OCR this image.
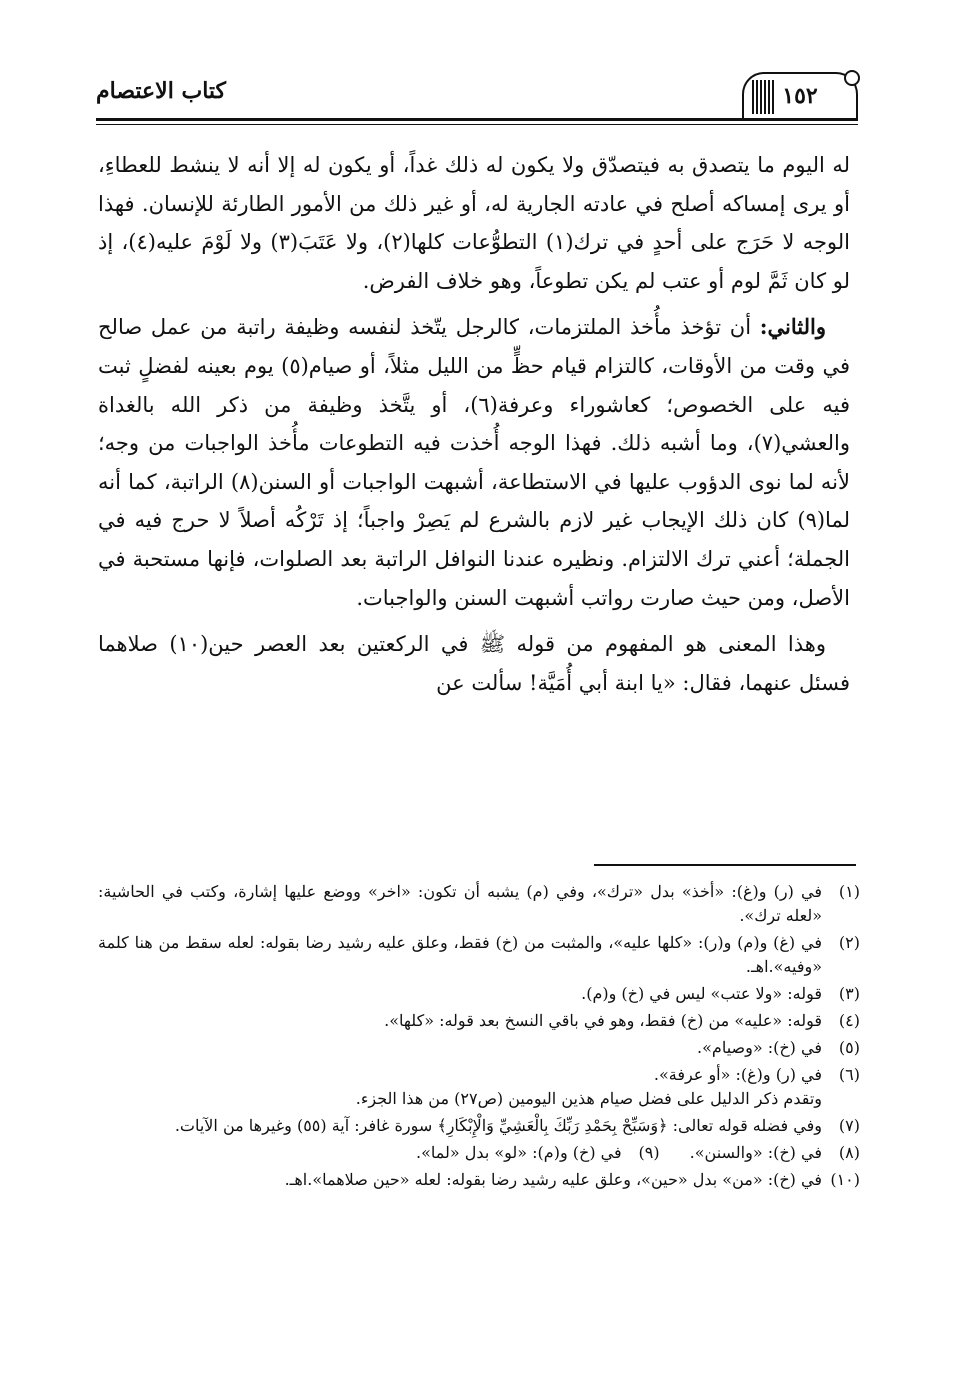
كتاب الاعتصام	١٥٢

له اليوم ما يتصدق به فيتصدّق ولا يكون له ذلك غداً، أو يكون له إلا أنه لا ينشط للعطاءِ، أو يرى إمساكه أصلح في عادته الجارية له، أو غير ذلك من الأمور الطارئة للإنسان. فهذا الوجه لا حَرَج على أحدٍ في ترك(١) التطوُّعات كلها(٢)، ولا عَتَبَ(٣) ولا لَوْمَ عليه(٤)، إذ لو كان ثَمَّ لوم أو عتب لم يكن تطوعاً، وهو خلاف الفرض.

والثاني: أن تؤخذ مأُخذ الملتزمات، كالرجل يتّخذ لنفسه وظيفة راتبة من عمل صالح في وقت من الأوقات، كالتزام قيام حظٍّ من الليل مثلاً، أو صيام(٥) يوم بعينه لفضلٍ ثبت فيه على الخصوص؛ كعاشوراء وعرفة(٦)، أو يتَّخذ وظيفة من ذكر الله بالغداة والعشي(٧)، وما أشبه ذلك. فهذا الوجه أُخذت فيه التطوعات مأُخذ الواجبات من وجه؛ لأنه لما نوى الدؤوب عليها في الاستطاعة، أشبهت الواجبات أو السنن(٨) الراتبة، كما أنه لما(٩) كان ذلك الإيجاب غير لازم بالشرع لم يَصِرْ واجباً؛ إذ تَرْكُه أصلاً لا حرج فيه في الجملة؛ أعني ترك الالتزام. ونظيره عندنا النوافل الراتبة بعد الصلوات، فإنها مستحبة في الأصل، ومن حيث صارت رواتب أشبهت السنن والواجبات.

وهذا المعنى هو المفهوم من قوله ﷺ في الركعتين بعد العصر حين(١٠) صلاهما فسئل عنهما، فقال: «يا ابنة أبي أُمَيَّة! سألت عن

(١)
في (ر) و(غ): «أخذ» بدل «ترك»، وفي (م) يشبه أن تكون: «اخر» ووضع عليها إشارة، وكتب في الحاشية: «لعله ترك».
(٢)
في (غ) و(م) و(ر): «كلها عليه»، والمثبت من (خ) فقط، وعلق عليه رشيد رضا بقوله: لعله سقط من هنا كلمة «وفيه».اهـ.
(٣)
قوله: «ولا عتب» ليس في (خ) و(م).
(٤)
قوله: «عليه» من (خ) فقط، وهو في باقي النسخ بعد قوله: «كلها».
(٥)
في (خ): «وصيام».
(٦)
في (ر) و(غ): «أو عرفة».
وتقدم ذكر الدليل على فضل صيام هذين اليومين (ص٢٧) من هذا الجزء.
(٧)
وفي فضله قوله تعالى: ﴿وَسَبِّحْ بِحَمْدِ رَبِّكَ بِالْعَشِيِّ وَالْإِبْكَارِ﴾ سورة غافر: آية (٥٥) وغيرها من الآيات.
(٨)
في (خ): «والسنن».
(٩)
في (خ) و(م): «لو» بدل «لما».
(١٠)
في (خ): «من» بدل «حين»، وعلق عليه رشيد رضا بقوله: لعله «حين صلاهما».اهـ.
